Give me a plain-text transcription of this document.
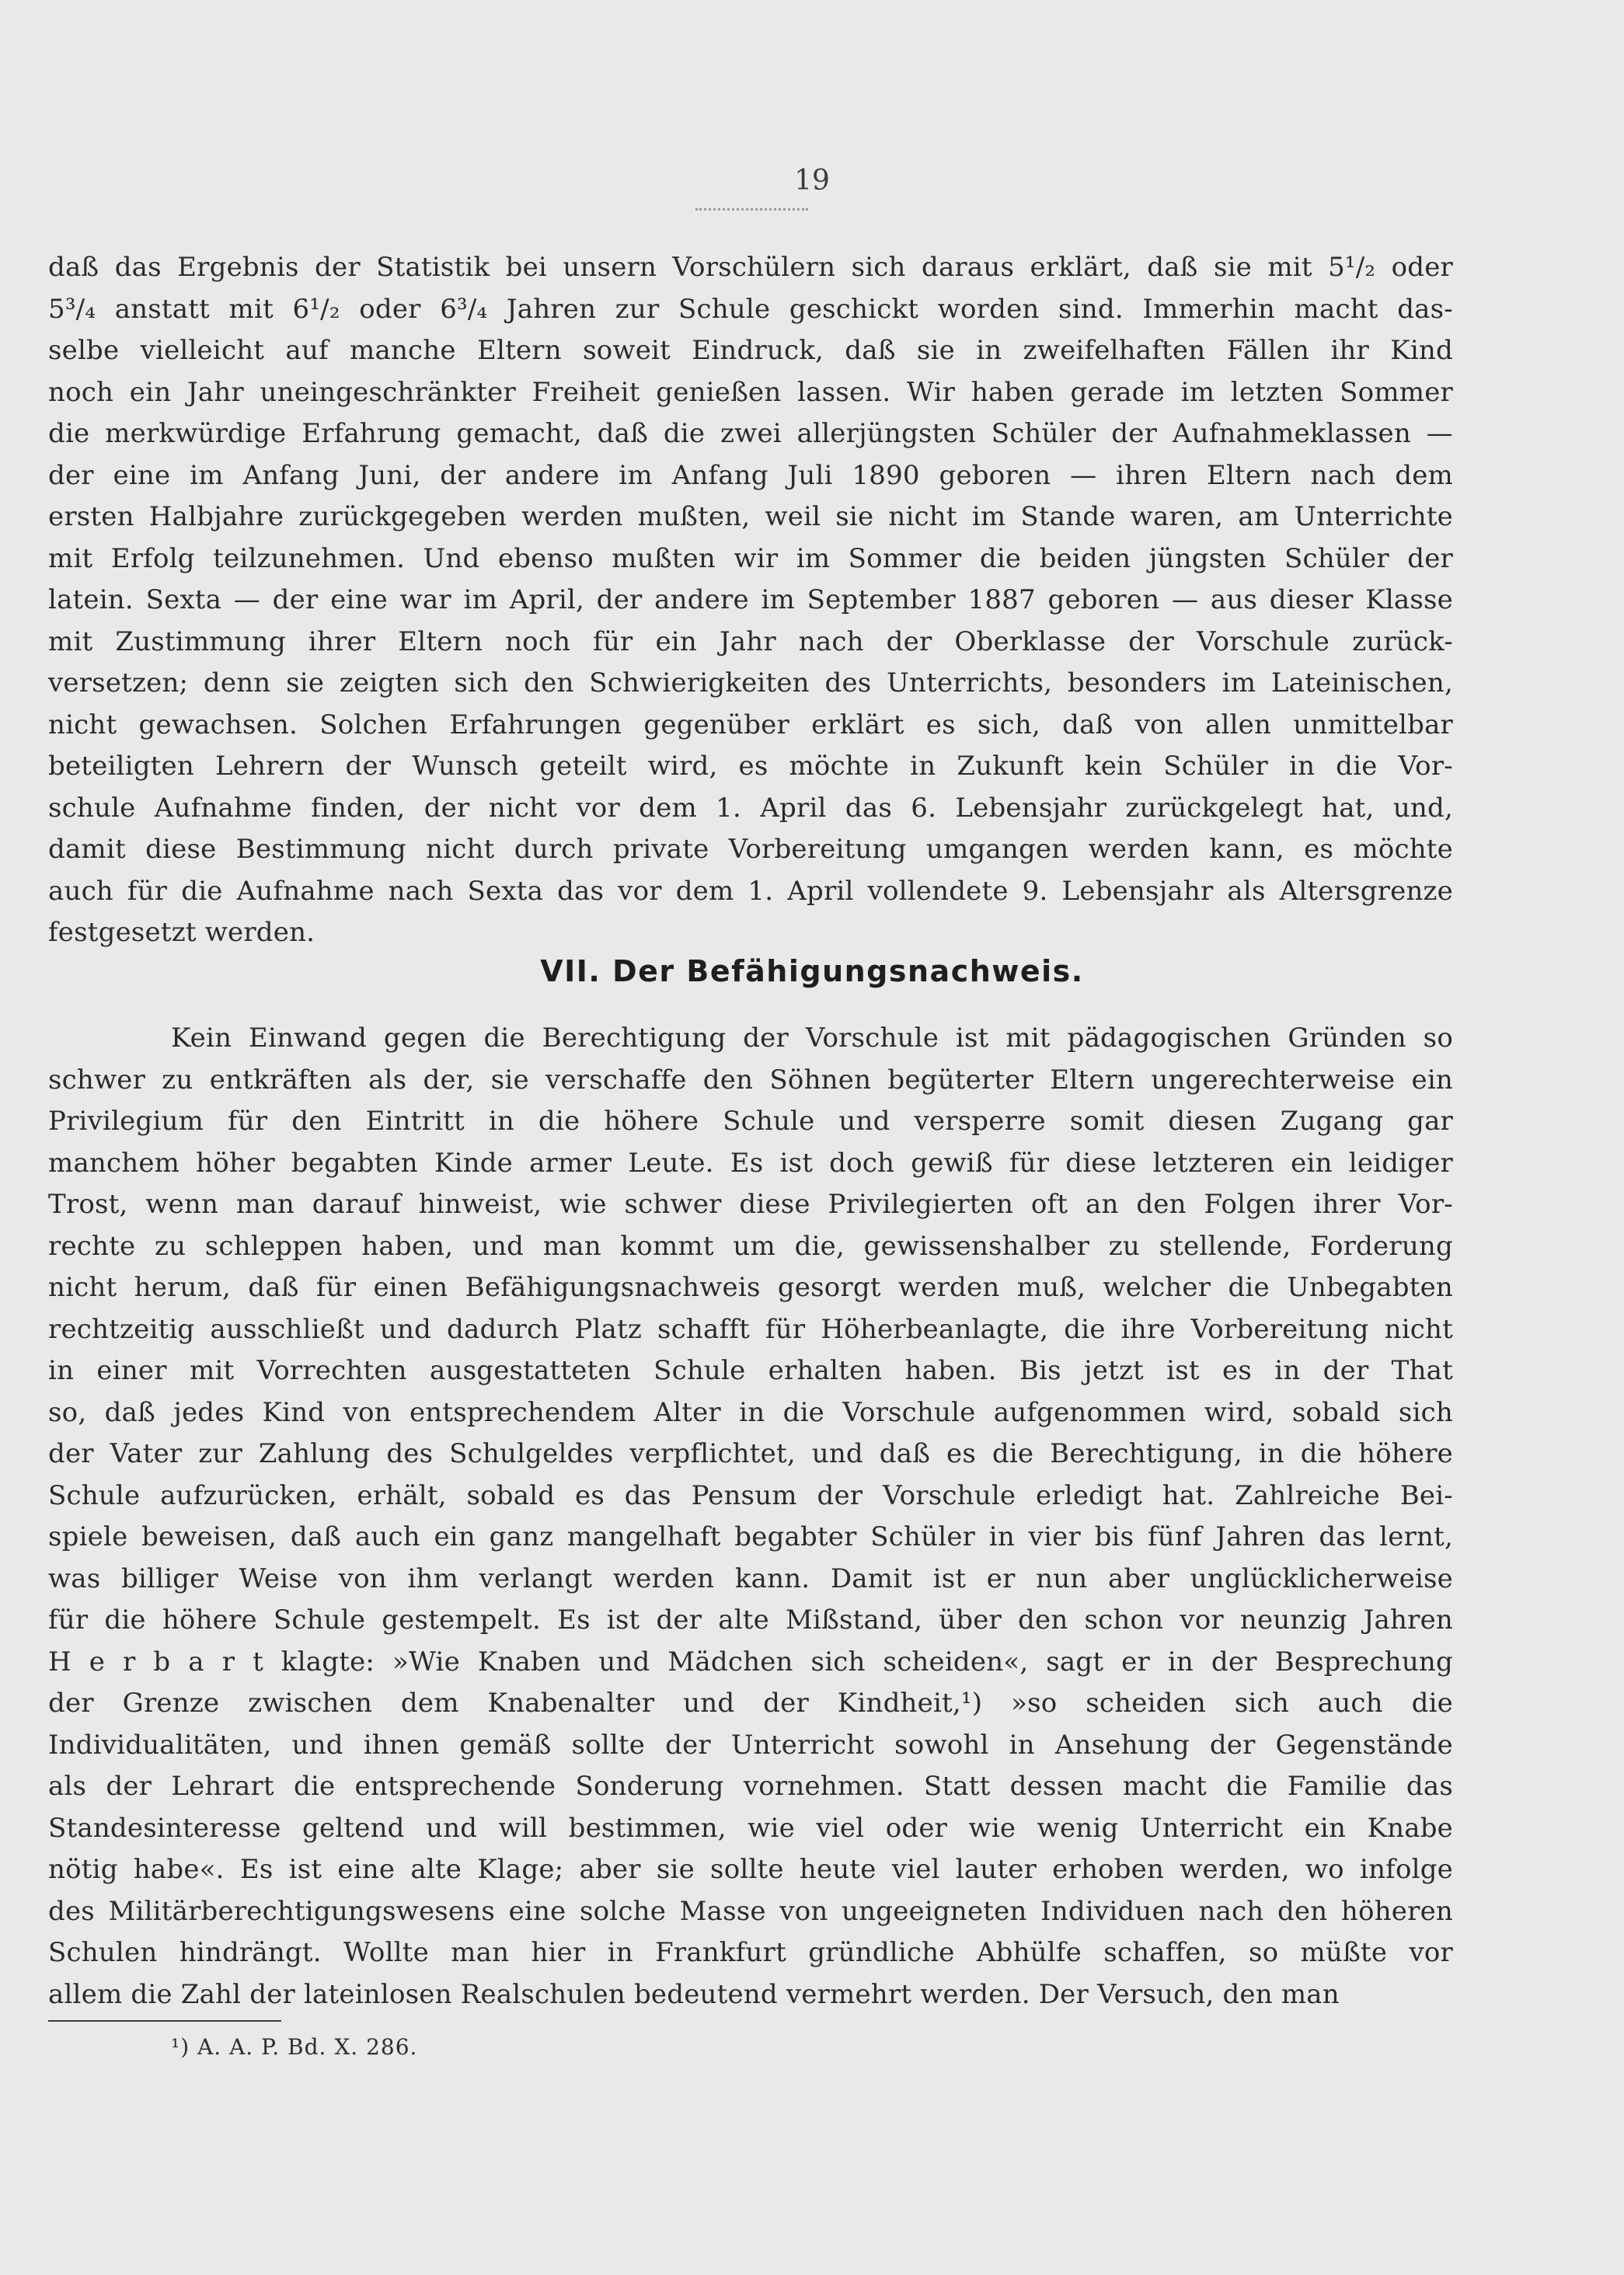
19
daß das Ergebnis der Statistik bei unsern Vorschülern sich daraus erklärt, daß sie mit 5¹/₂ oder
5³/₄ anstatt mit 6¹/₂ oder 6³/₄ Jahren zur Schule geschickt worden sind. Immerhin macht das-
selbe vielleicht auf manche Eltern soweit Eindruck, daß sie in zweifelhaften Fällen ihr Kind
noch ein Jahr uneingeschränkter Freiheit genießen lassen. Wir haben gerade im letzten Sommer
die merkwürdige Erfahrung gemacht, daß die zwei allerjüngsten Schüler der Aufnahmeklassen —
der eine im Anfang Juni, der andere im Anfang Juli 1890 geboren — ihren Eltern nach dem
ersten Halbjahre zurückgegeben werden mußten, weil sie nicht im Stande waren, am Unterrichte
mit Erfolg teilzunehmen. Und ebenso mußten wir im Sommer die beiden jüngsten Schüler der
latein. Sexta — der eine war im April, der andere im September 1887 geboren — aus dieser Klasse
mit Zustimmung ihrer Eltern noch für ein Jahr nach der Oberklasse der Vorschule zurück-
versetzen; denn sie zeigten sich den Schwierigkeiten des Unterrichts, besonders im Lateinischen,
nicht gewachsen. Solchen Erfahrungen gegenüber erklärt es sich, daß von allen unmittelbar
beteiligten Lehrern der Wunsch geteilt wird, es möchte in Zukunft kein Schüler in die Vor-
schule Aufnahme finden, der nicht vor dem 1. April das 6. Lebensjahr zurückgelegt hat, und,
damit diese Bestimmung nicht durch private Vorbereitung umgangen werden kann, es möchte
auch für die Aufnahme nach Sexta das vor dem 1. April vollendete 9. Lebensjahr als Altersgrenze
festgesetzt werden.
VII. Der Befähigungsnachweis.
Kein Einwand gegen die Berechtigung der Vorschule ist mit pädagogischen Gründen so
schwer zu entkräften als der, sie verschaffe den Söhnen begüterter Eltern ungerechterweise ein
Privilegium für den Eintritt in die höhere Schule und versperre somit diesen Zugang gar
manchem höher begabten Kinde armer Leute. Es ist doch gewiß für diese letzteren ein leidiger
Trost, wenn man darauf hinweist, wie schwer diese Privilegierten oft an den Folgen ihrer Vor-
rechte zu schleppen haben, und man kommt um die, gewissenshalber zu stellende, Forderung
nicht herum, daß für einen Befähigungsnachweis gesorgt werden muß, welcher die Unbegabten
rechtzeitig ausschließt und dadurch Platz schafft für Höherbeanlagte, die ihre Vorbereitung nicht
in einer mit Vorrechten ausgestatteten Schule erhalten haben. Bis jetzt ist es in der That
so, daß jedes Kind von entsprechendem Alter in die Vorschule aufgenommen wird, sobald sich
der Vater zur Zahlung des Schulgeldes verpflichtet, und daß es die Berechtigung, in die höhere
Schule aufzurücken, erhält, sobald es das Pensum der Vorschule erledigt hat. Zahlreiche Bei-
spiele beweisen, daß auch ein ganz mangelhaft begabter Schüler in vier bis fünf Jahren das lernt,
was billiger Weise von ihm verlangt werden kann. Damit ist er nun aber unglücklicherweise
für die höhere Schule gestempelt. Es ist der alte Mißstand, über den schon vor neunzig Jahren
H e r b a r t klagte: »Wie Knaben und Mädchen sich scheiden«, sagt er in der Besprechung
der Grenze zwischen dem Knabenalter und der Kindheit,¹) »so scheiden sich auch die
Individualitäten, und ihnen gemäß sollte der Unterricht sowohl in Ansehung der Gegenstände
als der Lehrart die entsprechende Sonderung vornehmen. Statt dessen macht die Familie das
Standesinteresse geltend und will bestimmen, wie viel oder wie wenig Unterricht ein Knabe
nötig habe«. Es ist eine alte Klage; aber sie sollte heute viel lauter erhoben werden, wo infolge
des Militärberechtigungswesens eine solche Masse von ungeeigneten Individuen nach den höheren
Schulen hindrängt. Wollte man hier in Frankfurt gründliche Abhülfe schaffen, so müßte vor
allem die Zahl der lateinlosen Realschulen bedeutend vermehrt werden. Der Versuch, den man
¹) A. A. P. Bd. X. 286.
